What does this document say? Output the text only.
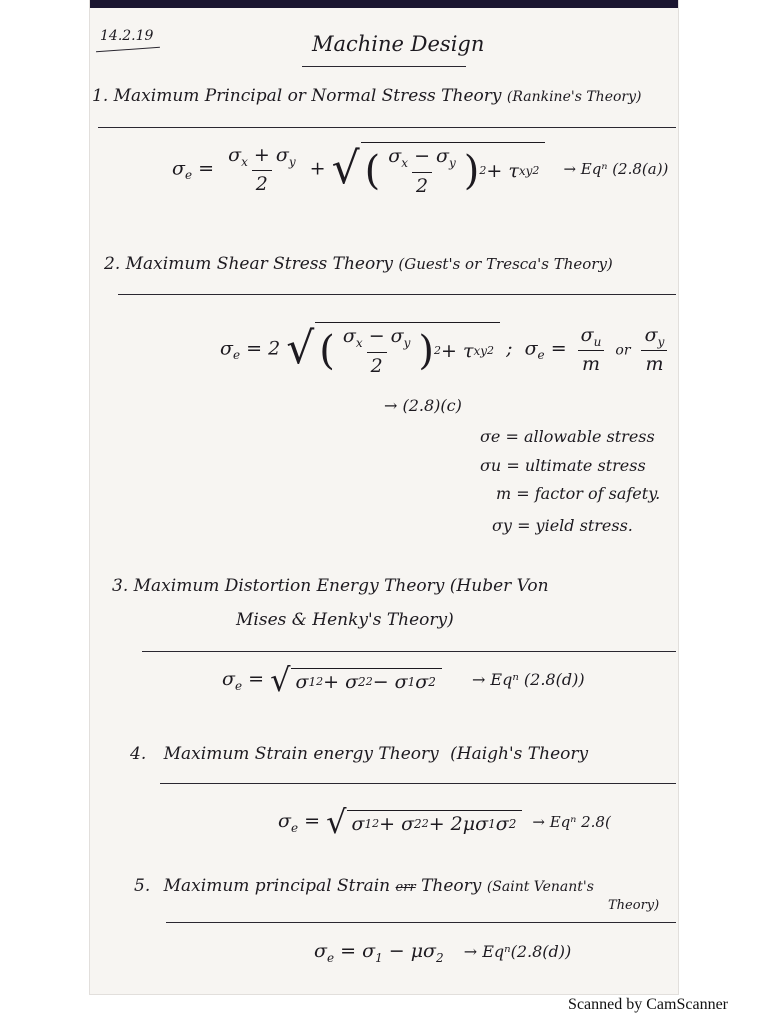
14.2.19	Machine Design
1. Maximum Principal or Normal Stress Theory (Rankine's Theory)
$\sigma_e = \frac{\sigma_x + \sigma_y}{2}$ + √ ( $\frac{\sigma_x - \sigma_y}{2}$ ) 2 + τ xy 2 → Eqⁿ (2.8(a))
2. Maximum Shear Stress Theory (Guest's or Tresca's Theory)
$\sigma_e = 2$ √ ( $\frac{\sigma_x - \sigma_y}{2}$ ) 2 + τ xy 2 ;  $\sigma_e = \frac{\sigma_u}{m}$ or $\frac{\sigma_y}{m}$
→ (2.8)(c)
σe = allowable stress
σu = ultimate stress
m = factor of safety.
σy = yield stress.
3. Maximum Distortion Energy Theory (Huber Von
Mises & Henky's Theory)
$\sigma_e$ = √ σ 1 2 + σ 2 2 − σ 1 σ 2 → Eqⁿ (2.8(d))
4. Maximum Strain energy Theory (Haigh's Theory
$\sigma_e$ = √ σ 1 2 + σ 2 2 + 2μσ 1 σ 2 → Eqⁿ 2.8(
5. Maximum principal Strain err Theory (Saint Venant's
Theory)
$\sigma_e = \sigma_1 - \mu\sigma_2 \to Eq^n(2.8(d))$
Scanned by CamScanner
